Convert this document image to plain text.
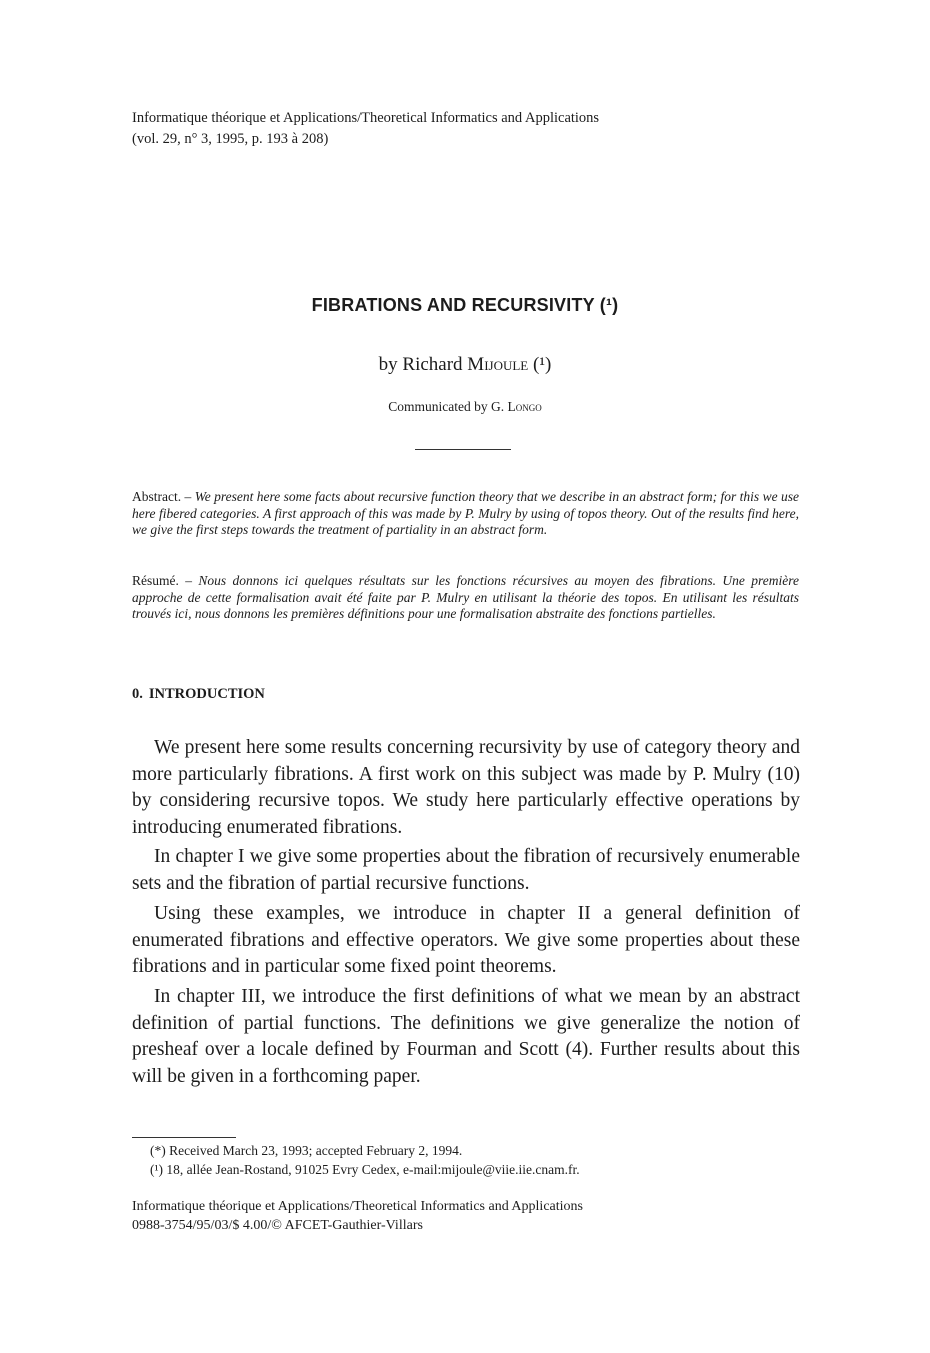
Informatique théorique et Applications/Theoretical Informatics and Applications
(vol. 29, n° 3, 1995, p. 193 à 208)
FIBRATIONS AND RECURSIVITY (¹)
by Richard Mijoule (¹)
Communicated by G. Longo
Abstract. – We present here some facts about recursive function theory that we describe in an abstract form; for this we use here fibered categories. A first approach of this was made by P. Mulry by using of topos theory. Out of the results find here, we give the first steps towards the treatment of partiality in an abstract form.
Résumé. – Nous donnons ici quelques résultats sur les fonctions récursives au moyen des fibrations. Une première approche de cette formalisation avait été faite par P. Mulry en utilisant la théorie des topos. En utilisant les résultats trouvés ici, nous donnons les premières définitions pour une formalisation abstraite des fonctions partielles.
0. INTRODUCTION
We present here some results concerning recursivity by use of category theory and more particularly fibrations. A first work on this subject was made by P. Mulry (10) by considering recursive topos. We study here particularly effective operations by introducing enumerated fibrations.
In chapter I we give some properties about the fibration of recursively enumerable sets and the fibration of partial recursive functions.
Using these examples, we introduce in chapter II a general definition of enumerated fibrations and effective operators. We give some properties about these fibrations and in particular some fixed point theorems.
In chapter III, we introduce the first definitions of what we mean by an abstract definition of partial functions. The definitions we give generalize the notion of presheaf over a locale defined by Fourman and Scott (4). Further results about this will be given in a forthcoming paper.
(*) Received March 23, 1993; accepted February 2, 1994.
(¹) 18, allée Jean-Rostand, 91025 Evry Cedex, e-mail:mijoule@viie.iie.cnam.fr.
Informatique théorique et Applications/Theoretical Informatics and Applications
0988-3754/95/03/$ 4.00/© AFCET-Gauthier-Villars
